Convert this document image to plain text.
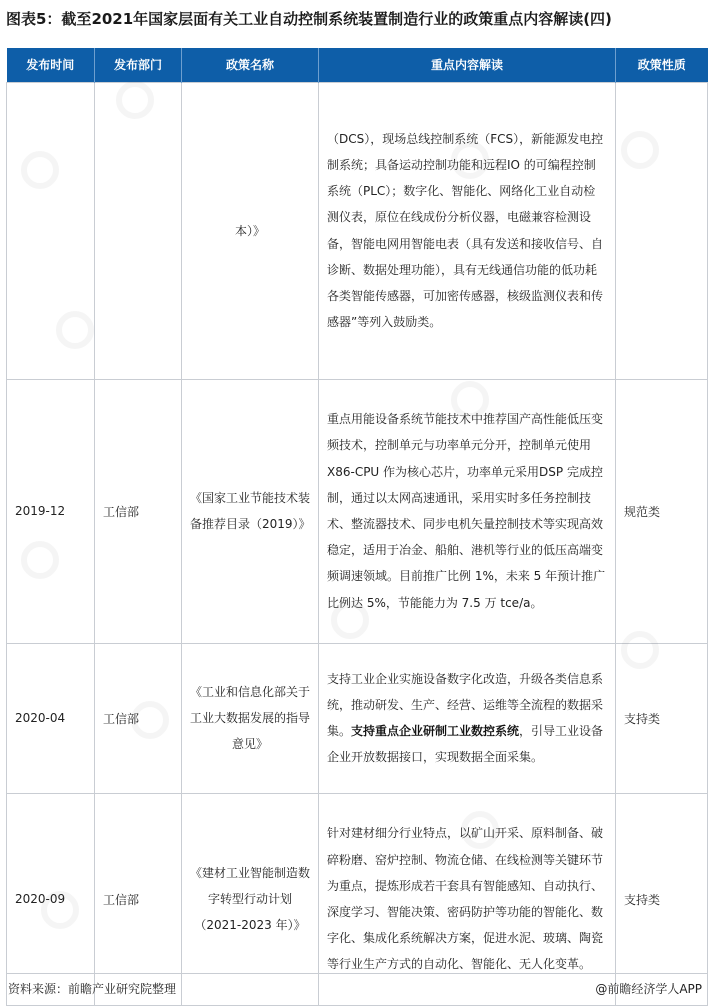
图表5：截至2021年国家层面有关工业自动控制系统装置制造行业的政策重点内容解读(四)
发布时间	发布部门	政策名称	重点内容解读	政策性质
		本）》	（DCS），现场总线控制系统（FCS），新能源发电控制系统；具备运动控制功能和远程IO 的可编程控制系统（PLC）；数字化、智能化、网络化工业自动检测仪表，原位在线成份分析仪器，电磁兼容检测设备，智能电网用智能电表（具有发送和接收信号、自诊断、数据处理功能），具有无线通信功能的低功耗各类智能传感器，可加密传感器，核级监测仪表和传感器”等列入鼓励类。	
2019-12	工信部	《国家工业节能技术装备推荐目录（2019）》	重点用能设备系统节能技术中推荐国产高性能低压变频技术，控制单元与功率单元分开，控制单元使用 X86-CPU 作为核心芯片，功率单元采用DSP 完成控制，通过以太网高速通讯，采用实时多任务控制技术、整流器技术、同步电机矢量控制技术等实现高效稳定，适用于冶金、船舶、港机等行业的低压高端变频调速领域。目前推广比例 1%，未来 5 年预计推广比例达 5%，节能能力为 7.5 万 tce/a。	规范类
2020-04	工信部	《工业和信息化部关于工业大数据发展的指导意见》	支持工业企业实施设备数字化改造，升级各类信息系统，推动研发、生产、经营、运维等全流程的数据采集。支持重点企业研制工业数控系统，引导工业设备企业开放数据接口，实现数据全面采集。	支持类
2020-09	工信部	《建材工业智能制造数字转型行动计划（2021-2023 年）》	针对建材细分行业特点，以矿山开采、原料制备、破碎粉磨、窑炉控制、物流仓储、在线检测等关键环节为重点，提炼形成若干套具有智能感知、自动执行、深度学习、智能决策、密码防护等功能的智能化、数字化、集成化系统解决方案，促进水泥、玻璃、陶瓷等行业生产方式的自动化、智能化、无人化变革。	支持类
资料来源：前瞻产业研究院整理	@前瞻经济学人APP
